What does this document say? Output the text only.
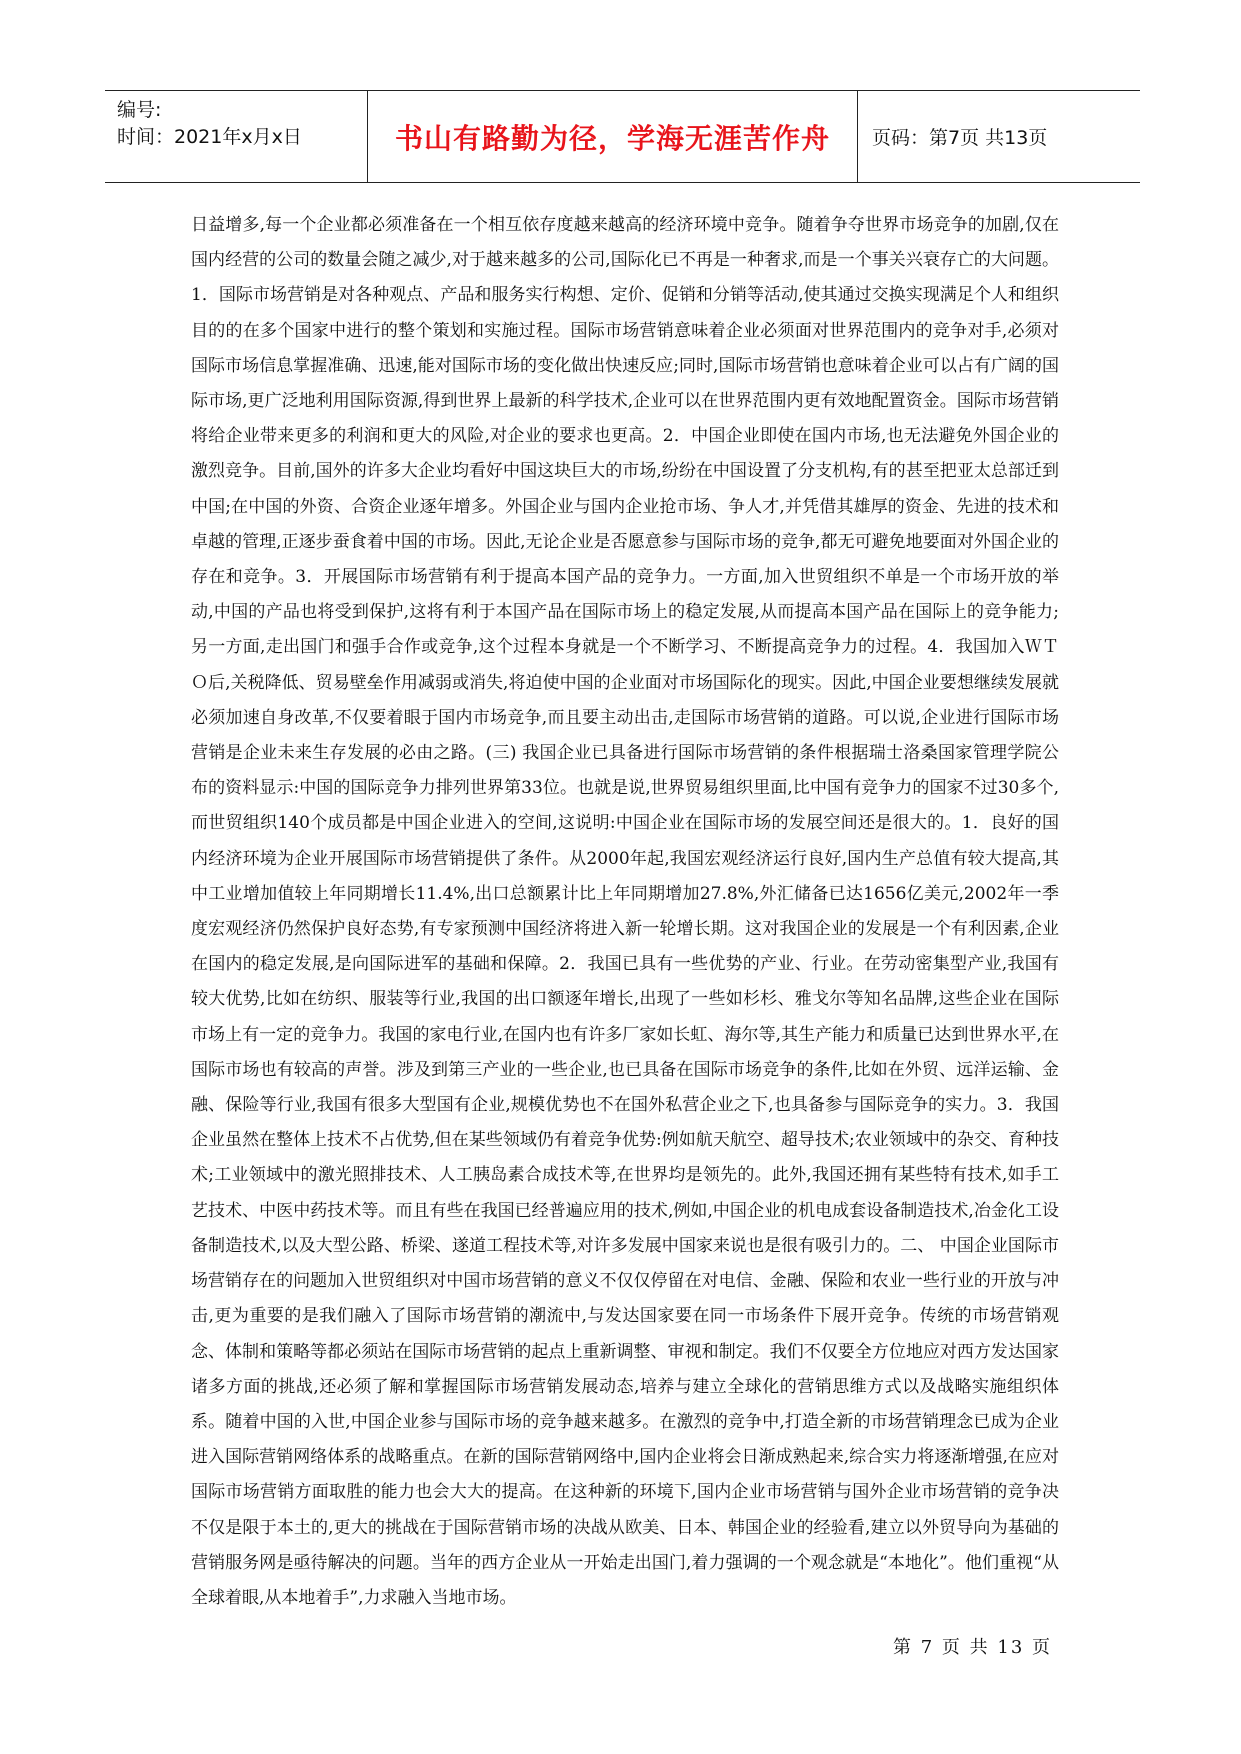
编号:
时间：2021年x月x日	书山有路勤为径，学海无涯苦作舟 页码：第7页 共13页
日益增多,每一个企业都必须准备在一个相互依存度越来越高的经济环境中竞争。随着争夺世界市场竞争的加剧,仅在国内经营的公司的数量会随之减少,对于越来越多的公司,国际化已不再是一种奢求,而是一个事关兴衰存亡的大问题。1．国际市场营销是对各种观点、产品和服务实行构想、定价、促销和分销等活动,使其通过交换实现满足个人和组织目的的在多个国家中进行的整个策划和实施过程。国际市场营销意味着企业必须面对世界范围内的竞争对手,必须对国际市场信息掌握准确、迅速,能对国际市场的变化做出快速反应;同时,国际市场营销也意味着企业可以占有广阔的国际市场,更广泛地利用国际资源,得到世界上最新的科学技术,企业可以在世界范围内更有效地配置资金。国际市场营销将给企业带来更多的利润和更大的风险,对企业的要求也更高。2．中国企业即使在国内市场,也无法避免外国企业的激烈竞争。目前,国外的许多大企业均看好中国这块巨大的市场,纷纷在中国设置了分支机构,有的甚至把亚太总部迁到中国;在中国的外资、合资企业逐年增多。外国企业与国内企业抢市场、争人才,并凭借其雄厚的资金、先进的技术和卓越的管理,正逐步蚕食着中国的市场。因此,无论企业是否愿意参与国际市场的竞争,都无可避免地要面对外国企业的存在和竞争。3．开展国际市场营销有利于提高本国产品的竞争力。一方面,加入世贸组织不单是一个市场开放的举动,中国的产品也将受到保护,这将有利于本国产品在国际市场上的稳定发展,从而提高本国产品在国际上的竞争能力;另一方面,走出国门和强手合作或竞争,这个过程本身就是一个不断学习、不断提高竞争力的过程。4．我国加入ＷＴＯ后,关税降低、贸易壁垒作用减弱或消失,将迫使中国的企业面对市场国际化的现实。因此,中国企业要想继续发展就必须加速自身改革,不仅要着眼于国内市场竞争,而且要主动出击,走国际市场营销的道路。可以说,企业进行国际市场营销是企业未来生存发展的必由之路。(三) 我国企业已具备进行国际市场营销的条件根据瑞士洛桑国家管理学院公布的资料显示:中国的国际竞争力排列世界第33位。也就是说,世界贸易组织里面,比中国有竞争力的国家不过30多个,而世贸组织140个成员都是中国企业进入的空间,这说明:中国企业在国际市场的发展空间还是很大的。1．良好的国内经济环境为企业开展国际市场营销提供了条件。从2000年起,我国宏观经济运行良好,国内生产总值有较大提高,其中工业增加值较上年同期增长11.4%,出口总额累计比上年同期增加27.8%,外汇储备已达1656亿美元,2002年一季度宏观经济仍然保护良好态势,有专家预测中国经济将进入新一轮增长期。这对我国企业的发展是一个有利因素,企业在国内的稳定发展,是向国际进军的基础和保障。2．我国已具有一些优势的产业、行业。在劳动密集型产业,我国有较大优势,比如在纺织、服装等行业,我国的出口额逐年增长,出现了一些如杉杉、雅戈尔等知名品牌,这些企业在国际市场上有一定的竞争力。我国的家电行业,在国内也有许多厂家如长虹、海尔等,其生产能力和质量已达到世界水平,在国际市场也有较高的声誉。涉及到第三产业的一些企业,也已具备在国际市场竞争的条件,比如在外贸、远洋运输、金融、保险等行业,我国有很多大型国有企业,规模优势也不在国外私营企业之下,也具备参与国际竞争的实力。3．我国企业虽然在整体上技术不占优势,但在某些领域仍有着竞争优势:例如航天航空、超导技术;农业领域中的杂交、育种技术;工业领域中的激光照排技术、人工胰岛素合成技术等,在世界均是领先的。此外,我国还拥有某些特有技术,如手工艺技术、中医中药技术等。而且有些在我国已经普遍应用的技术,例如,中国企业的机电成套设备制造技术,冶金化工设备制造技术,以及大型公路、桥梁、遂道工程技术等,对许多发展中国家来说也是很有吸引力的。二、 中国企业国际市场营销存在的问题加入世贸组织对中国市场营销的意义不仅仅停留在对电信、金融、保险和农业一些行业的开放与冲击,更为重要的是我们融入了国际市场营销的潮流中,与发达国家要在同一市场条件下展开竞争。传统的市场营销观念、体制和策略等都必须站在国际市场营销的起点上重新调整、审视和制定。我们不仅要全方位地应对西方发达国家诸多方面的挑战,还必须了解和掌握国际市场营销发展动态,培养与建立全球化的营销思维方式以及战略实施组织体系。随着中国的入世,中国企业参与国际市场的竞争越来越多。在激烈的竞争中,打造全新的市场营销理念已成为企业进入国际营销网络体系的战略重点。在新的国际营销网络中,国内企业将会日渐成熟起来,综合实力将逐渐增强,在应对国际市场营销方面取胜的能力也会大大的提高。在这种新的环境下,国内企业市场营销与国外企业市场营销的竞争决不仅是限于本土的,更大的挑战在于国际营销市场的决战从欧美、日本、韩国企业的经验看,建立以外贸导向为基础的营销服务网是亟待解决的问题。当年的西方企业从一开始走出国门,着力强调的一个观念就是“本地化”。他们重视“从全球着眼,从本地着手”,力求融入当地市场。
第 7 页 共 13 页
